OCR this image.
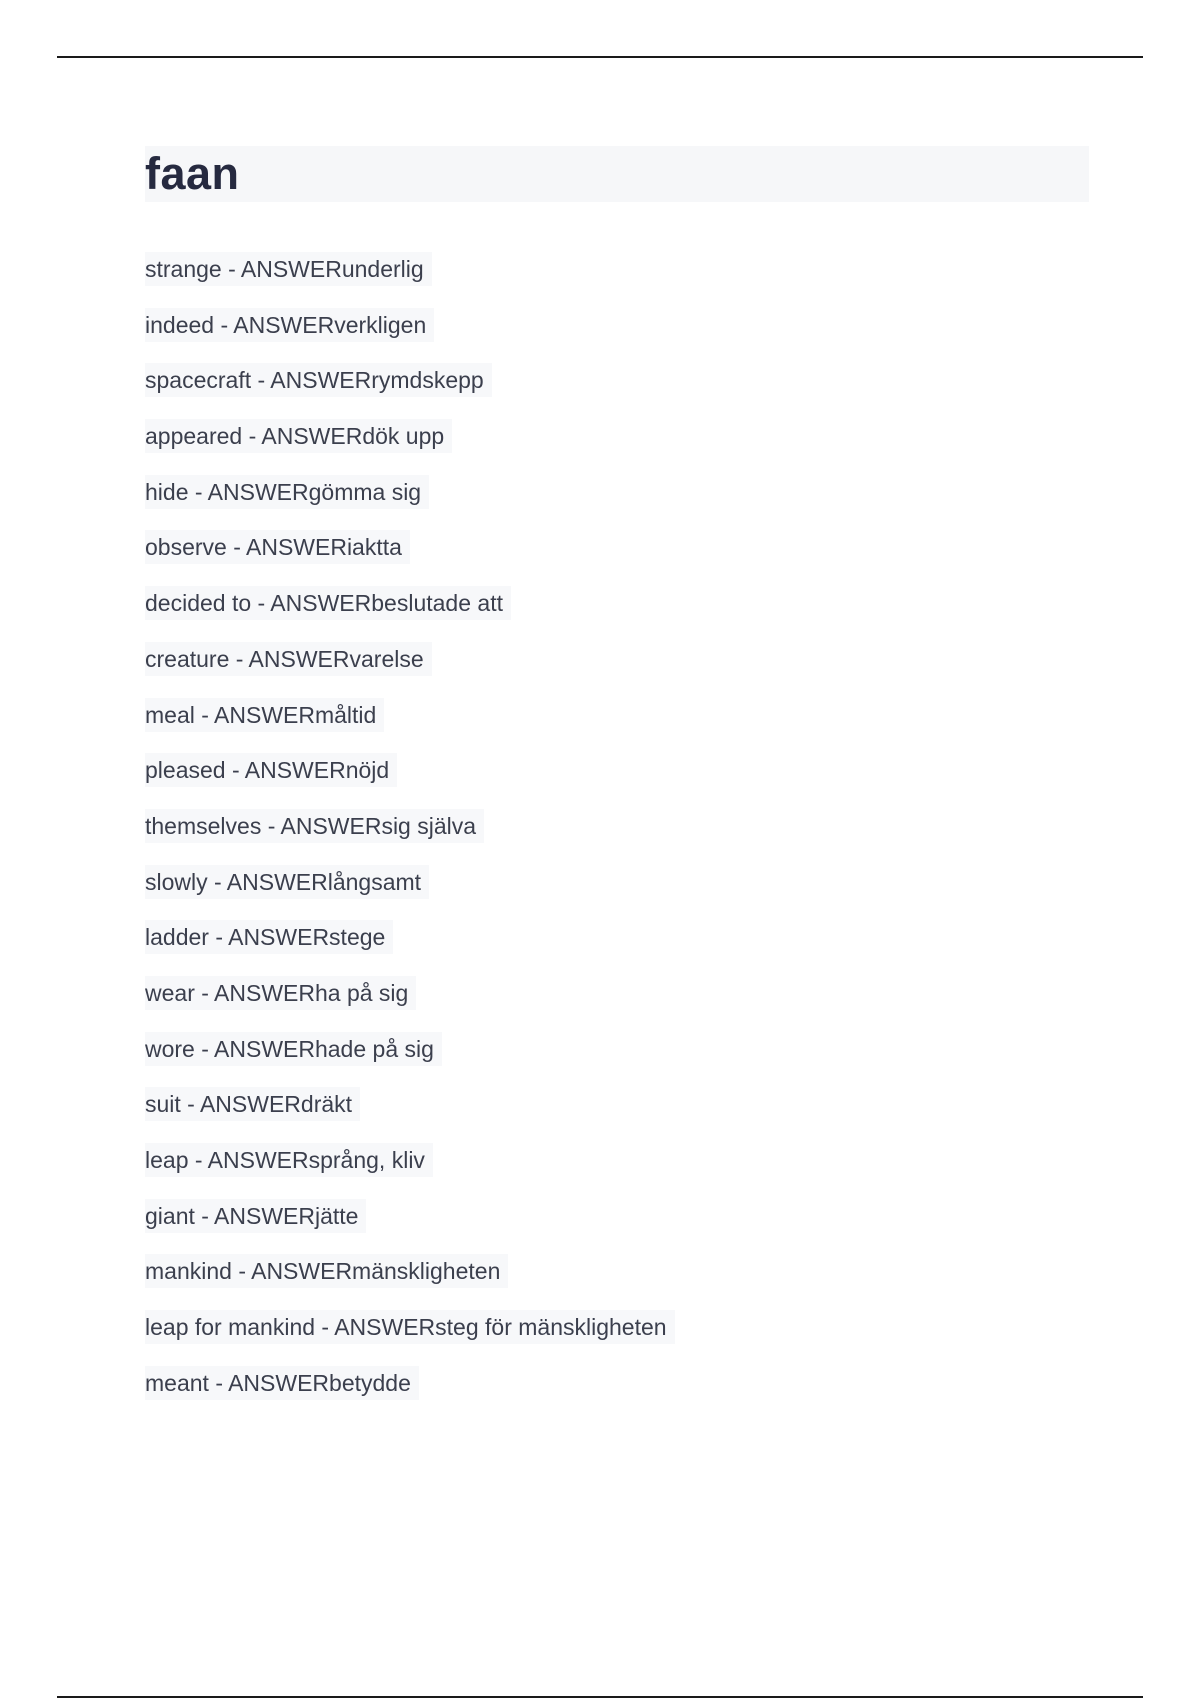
faan
strange - ANSWERunderlig
indeed - ANSWERverkligen
spacecraft - ANSWERrymdskepp
appeared - ANSWERdök upp
hide - ANSWERgömma sig
observe - ANSWERiaktta
decided to - ANSWERbeslutade att
creature - ANSWERvarelse
meal - ANSWERmåltid
pleased - ANSWERnöjd
themselves - ANSWERsig själva
slowly - ANSWERlångsamt
ladder - ANSWERstege
wear - ANSWERha på sig
wore - ANSWERhade på sig
suit - ANSWERdräkt
leap - ANSWERsprång, kliv
giant - ANSWERjätte
mankind - ANSWERmänskligheten
leap for mankind - ANSWERsteg för mänskligheten
meant - ANSWERbetydde
